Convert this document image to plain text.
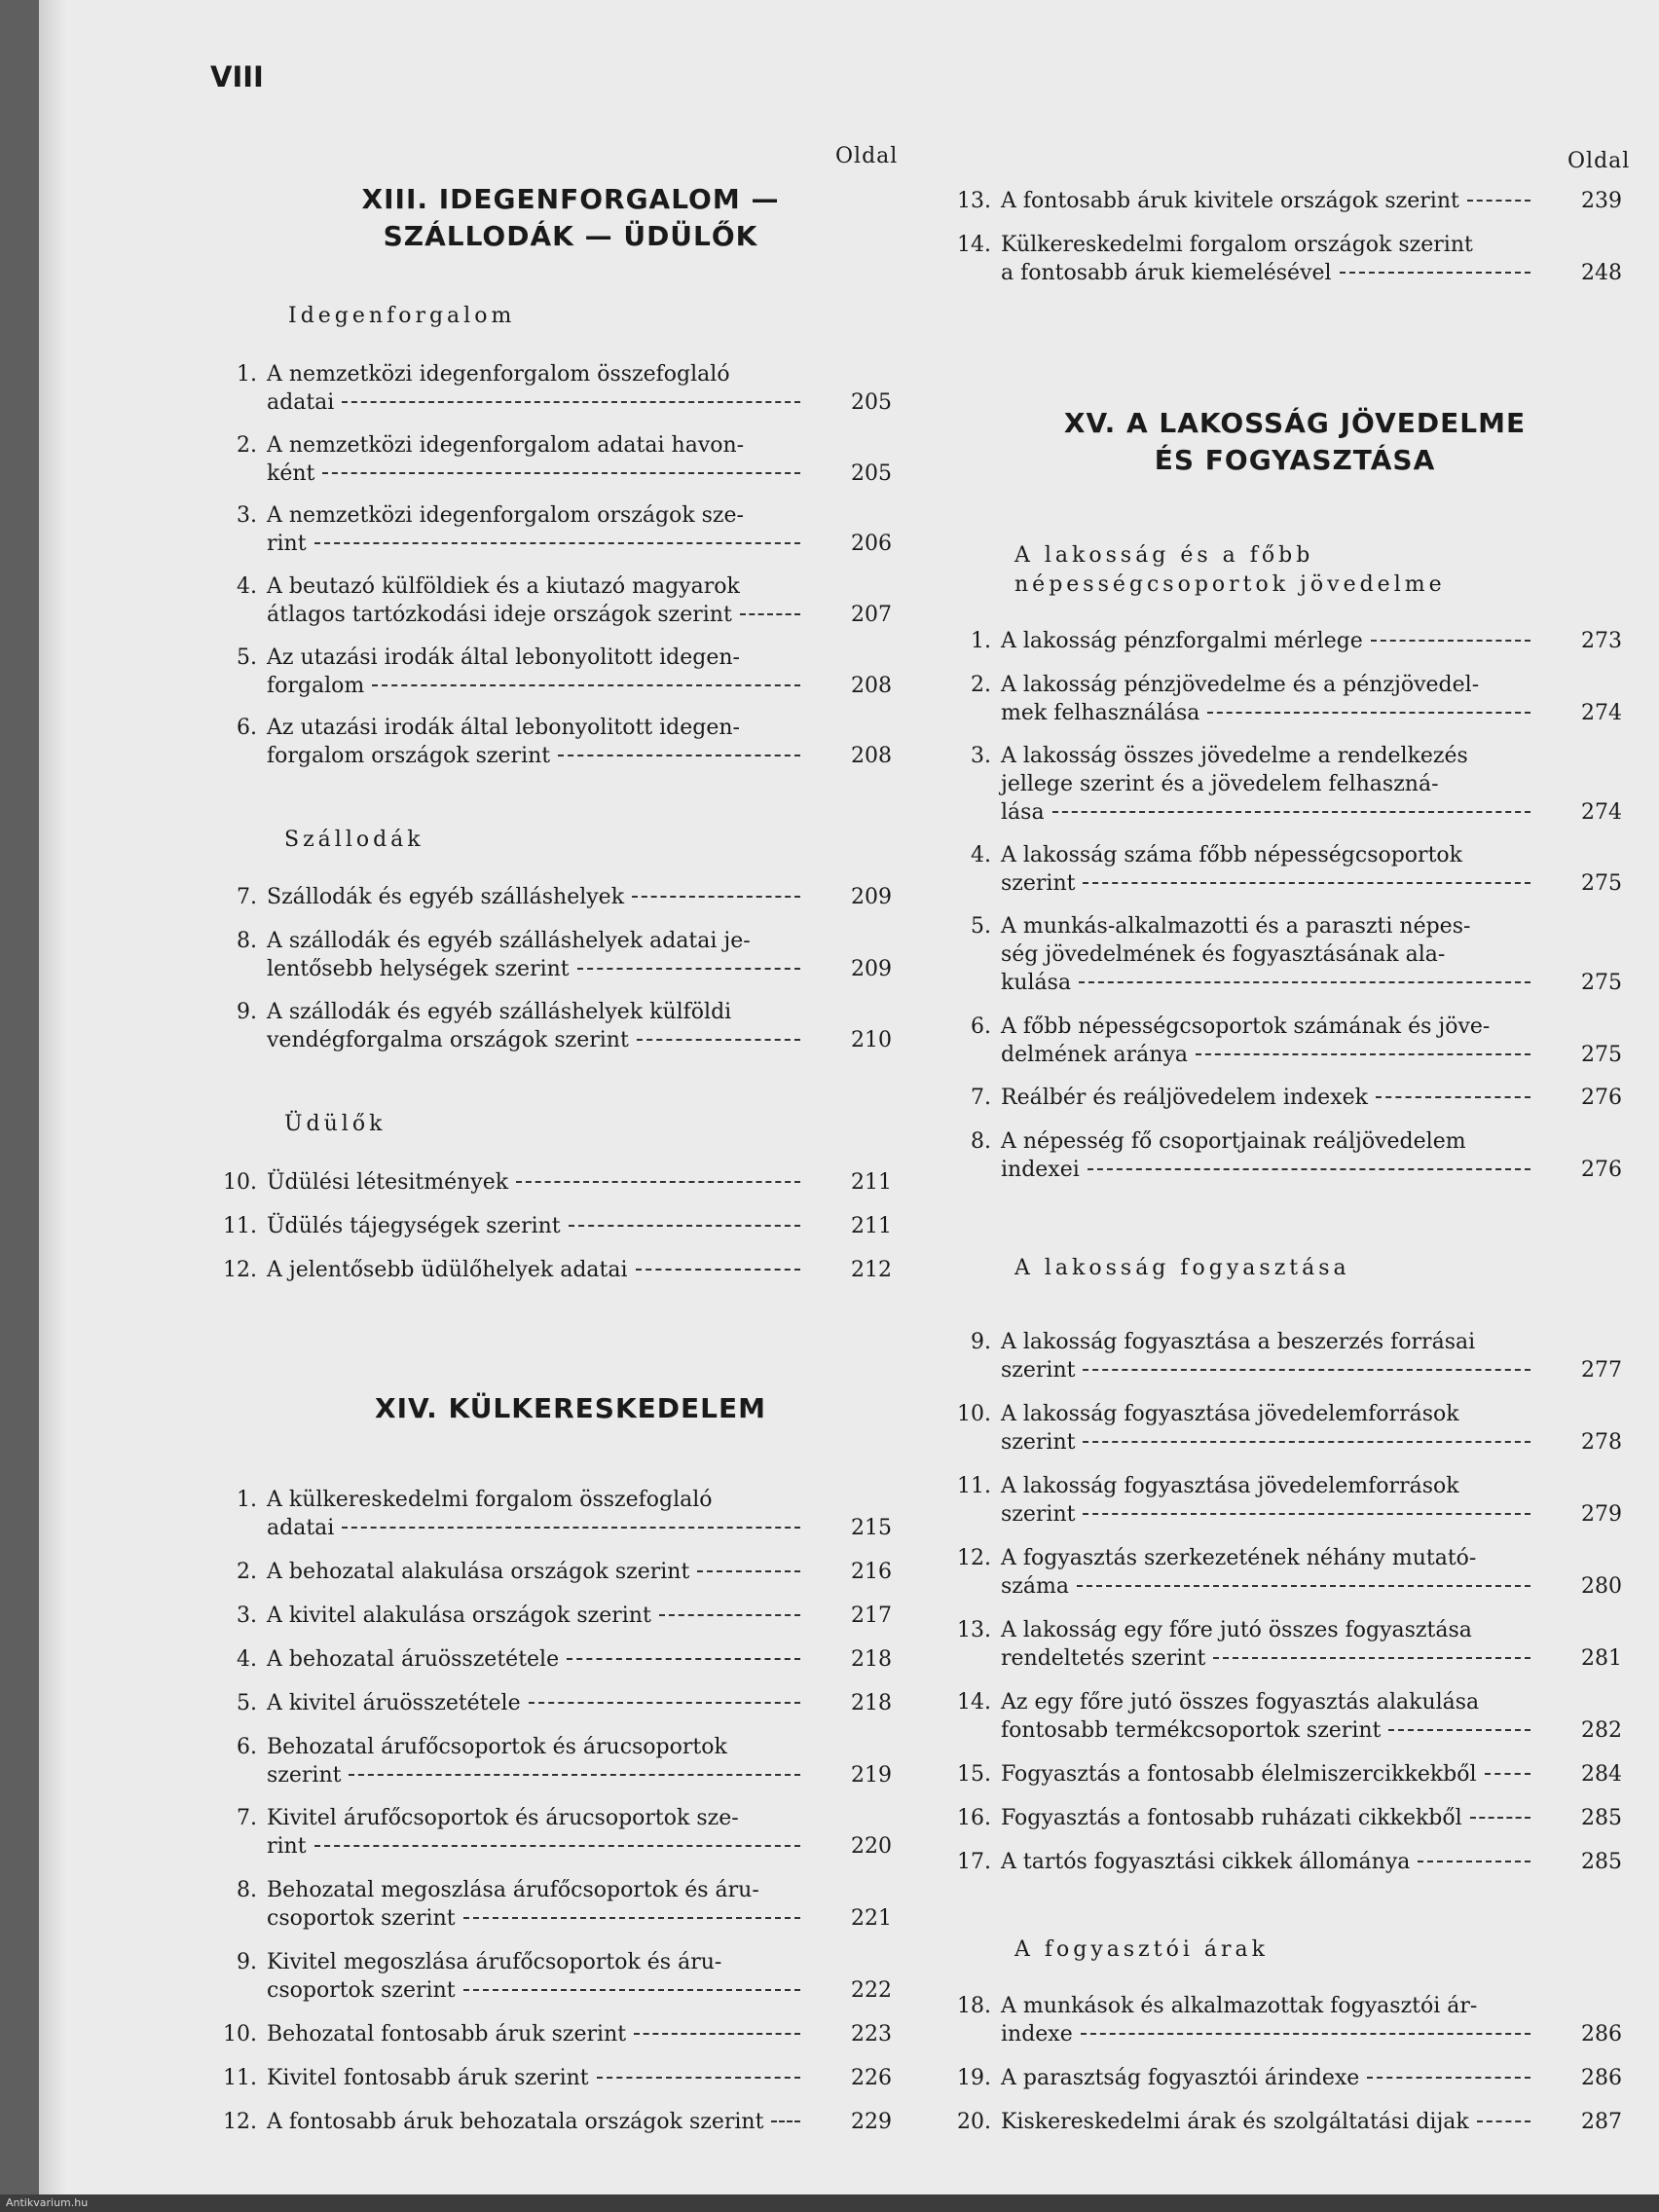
Antikvarium.hu
VIII
Oldal	Oldal
XIII. IDEGENFORGALOM —
SZÁLLODÁK — ÜDÜLŐK
Idegenforgalom
1. A nemzetközi idegenforgalom összefoglaló
adatai	205
2. A nemzetközi idegenforgalom adatai havon-
ként	205
3. A nemzetközi idegenforgalom országok sze-
rint	206
4. A beutazó külföldiek és a kiutazó magyarok
átlagos tartózkodási ideje országok szerint	207
5. Az utazási irodák által lebonyolitott idegen-
forgalom	208
6. Az utazási irodák által lebonyolitott idegen-
forgalom országok szerint	208
Szállodák
7. Szállodák és egyéb szálláshelyek	209
8. A szállodák és egyéb szálláshelyek adatai je-
lentősebb helységek szerint	209
9. A szállodák és egyéb szálláshelyek külföldi
vendégforgalma országok szerint	210
Üdülők
10. Üdülési létesitmények	211
11. Üdülés tájegységek szerint	211
12. A jelentősebb üdülőhelyek adatai	212
XIV. KÜLKERESKEDELEM
1. A külkereskedelmi forgalom összefoglaló
adatai	215
2. A behozatal alakulása országok szerint	216
3. A kivitel alakulása országok szerint	217
4. A behozatal áruösszetétele	218
5. A kivitel áruösszetétele	218
6. Behozatal árufőcsoportok és árucsoportok
szerint	219
7. Kivitel árufőcsoportok és árucsoportok sze-
rint	220
8. Behozatal megoszlása árufőcsoportok és áru-
csoportok szerint	221
9. Kivitel megoszlása árufőcsoportok és áru-
csoportok szerint	222
10. Behozatal fontosabb áruk szerint	223
11. Kivitel fontosabb áruk szerint	226
12. A fontosabb áruk behozatala országok szerint	229
13. A fontosabb áruk kivitele országok szerint	239
14. Külkereskedelmi forgalom országok szerint
a fontosabb áruk kiemelésével	248
XV. A LAKOSSÁG JÖVEDELME
ÉS FOGYASZTÁSA
A lakosság és a főbb
népességcsoportok jövedelme
1. A lakosság pénzforgalmi mérlege	273
2. A lakosság pénzjövedelme és a pénzjövedel-
mek felhasználása	274
3. A lakosság összes jövedelme a rendelkezés
jellege szerint és a jövedelem felhaszná-
lása	274
4. A lakosság száma főbb népességcsoportok
szerint	275
5. A munkás-alkalmazotti és a paraszti népes-
ség jövedelmének és fogyasztásának ala-
kulása	275
6. A főbb népességcsoportok számának és jöve-
delmének aránya	275
7. Reálbér és reáljövedelem indexek	276
8. A népesség fő csoportjainak reáljövedelem
indexei	276
A lakosság fogyasztása
9. A lakosság fogyasztása a beszerzés forrásai
szerint	277
10. A lakosság fogyasztása jövedelemforrások
szerint	278
11. A lakosság fogyasztása jövedelemforrások
szerint	279
12. A fogyasztás szerkezetének néhány mutató-
száma	280
13. A lakosság egy főre jutó összes fogyasztása
rendeltetés szerint	281
14. Az egy főre jutó összes fogyasztás alakulása
fontosabb termékcsoportok szerint	282
15. Fogyasztás a fontosabb élelmiszercikkekből	284
16. Fogyasztás a fontosabb ruházati cikkekből	285
17. A tartós fogyasztási cikkek állománya	285
A fogyasztói árak
18. A munkások és alkalmazottak fogyasztói ár-
indexe	286
19. A parasztság fogyasztói árindexe	286
20. Kiskereskedelmi árak és szolgáltatási dijak	287
